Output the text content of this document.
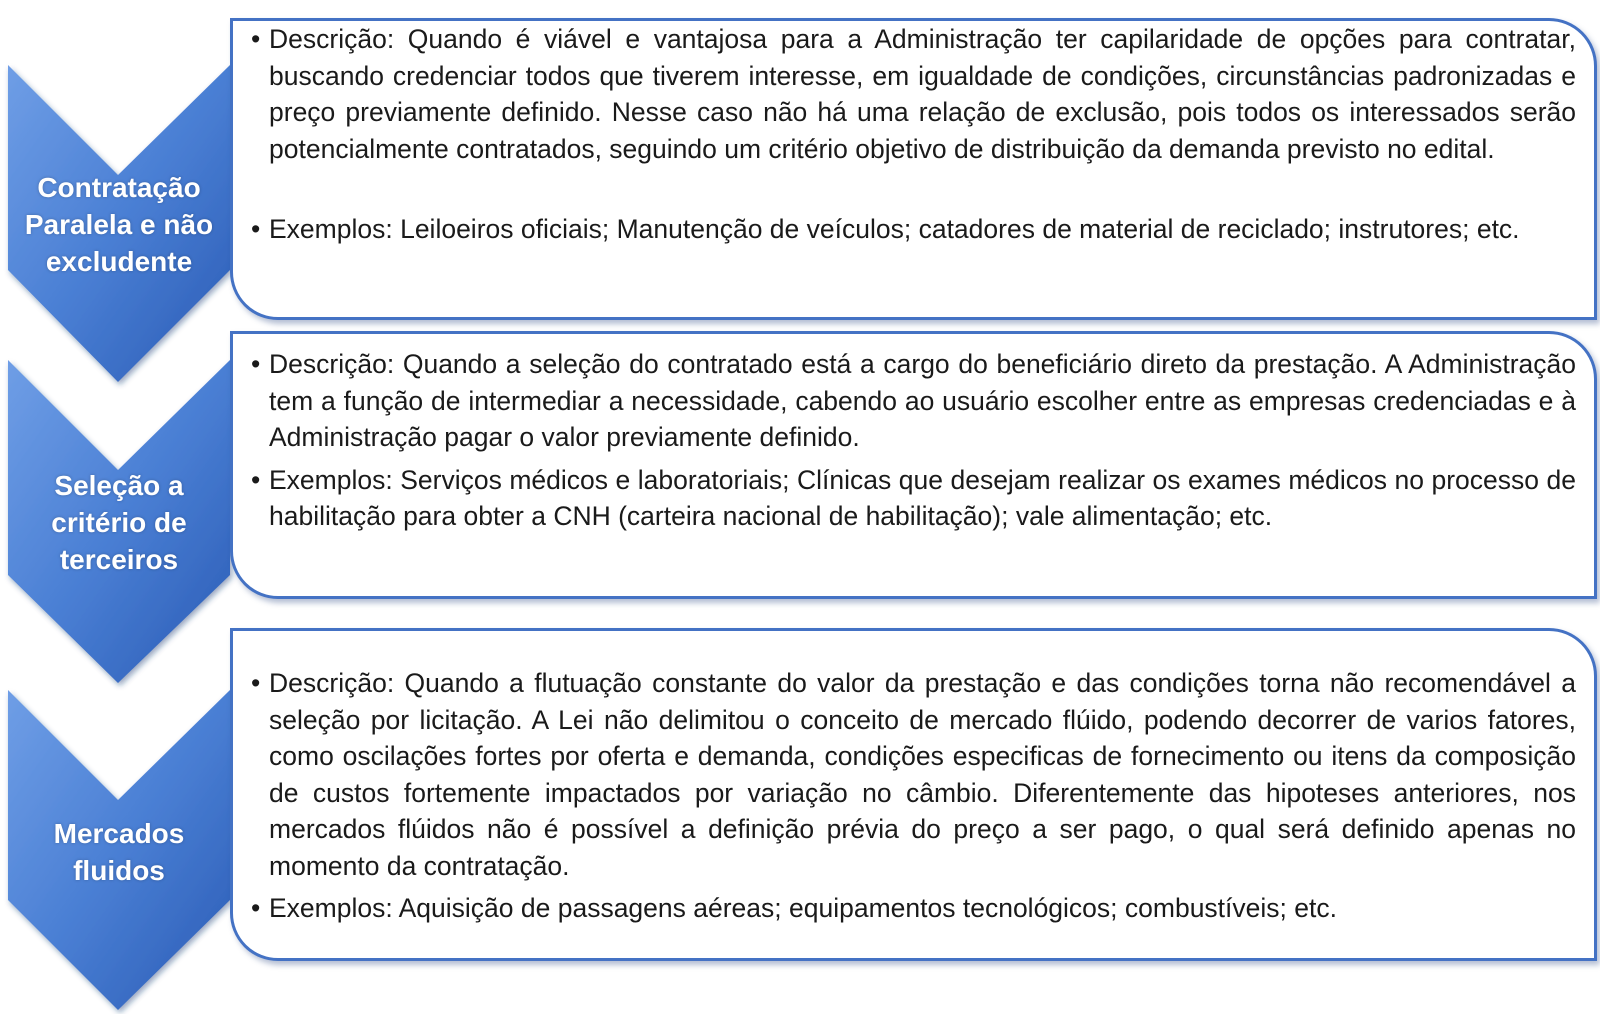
Contratação Paralela e não excludente
Seleção a critério de terceiros
Mercados fluidos
• Descrição: Quando é viável e vantajosa para a Administração ter capilaridade de opções para contratar, buscando credenciar todos que tiverem interesse, em igualdade de condições, circunstâncias padronizadas e preço previamente definido. Nesse caso não há uma relação de exclusão, pois todos os interessados serão potencialmente contratados, seguindo um critério objetivo de distribuição da demanda previsto no edital.
• Exemplos: Leiloeiros oficiais; Manutenção de veículos; catadores de material de reciclado; instrutores; etc.
• Descrição: Quando a seleção do contratado está a cargo do beneficiário direto da prestação. A Administração tem a função de intermediar a necessidade, cabendo ao usuário escolher entre as empresas credenciadas e à Administração pagar o valor previamente definido.
• Exemplos: Serviços médicos e laboratoriais; Clínicas que desejam realizar os exames médicos no processo de habilitação para obter a CNH (carteira nacional de habilitação); vale alimentação; etc.
• Descrição: Quando a flutuação constante do valor da prestação e das condições torna não recomendável a seleção por licitação. A Lei não delimitou o conceito de mercado flúido, podendo decorrer de varios fatores, como oscilações fortes por oferta e demanda, condições especificas de fornecimento ou itens da composição de custos fortemente impactados por variação no câmbio. Diferentemente das hipoteses anteriores, nos mercados flúidos não é possível a definição prévia do preço a ser pago, o qual será definido apenas no momento da contratação.
• Exemplos: Aquisição de passagens aéreas; equipamentos tecnológicos; combustíveis; etc.
